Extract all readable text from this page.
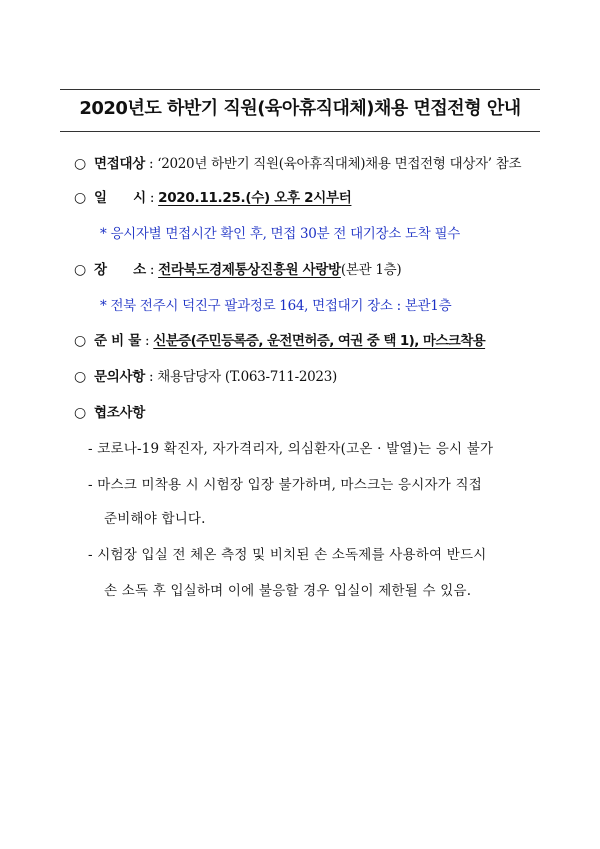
2020년도 하반기 직원(육아휴직대체)채용 면접전형 안내
○ 면접대상 : ‘2020년 하반기 직원(육아휴직대체)채용 면접전형 대상자’ 참조
○ 일      시 : 2020.11.25.(수) 오후 2시부터
* 응시자별 면접시간 확인 후, 면접 30분 전 대기장소 도착 필수
○ 장      소 : 전라북도경제통상진흥원 사랑방(본관 1층)
* 전북 전주시 덕진구 팔과정로 164, 면접대기 장소 : 본관1층
○ 준 비 물 : 신분증(주민등록증, 운전면허증, 여권 중 택 1), 마스크착용
○ 문의사항 : 채용담당자 (T.063-711-2023)
○ 협조사항
- 코로나-19 확진자, 자가격리자, 의심환자(고온 · 발열)는 응시 불가
- 마스크 미착용 시 시험장 입장 불가하며, 마스크는 응시자가 직접
준비해야 합니다.
- 시험장 입실 전 체온 측정 및 비치된 손 소독제를 사용하여 반드시
손 소독 후 입실하며 이에 불응할 경우 입실이 제한될 수 있음.
